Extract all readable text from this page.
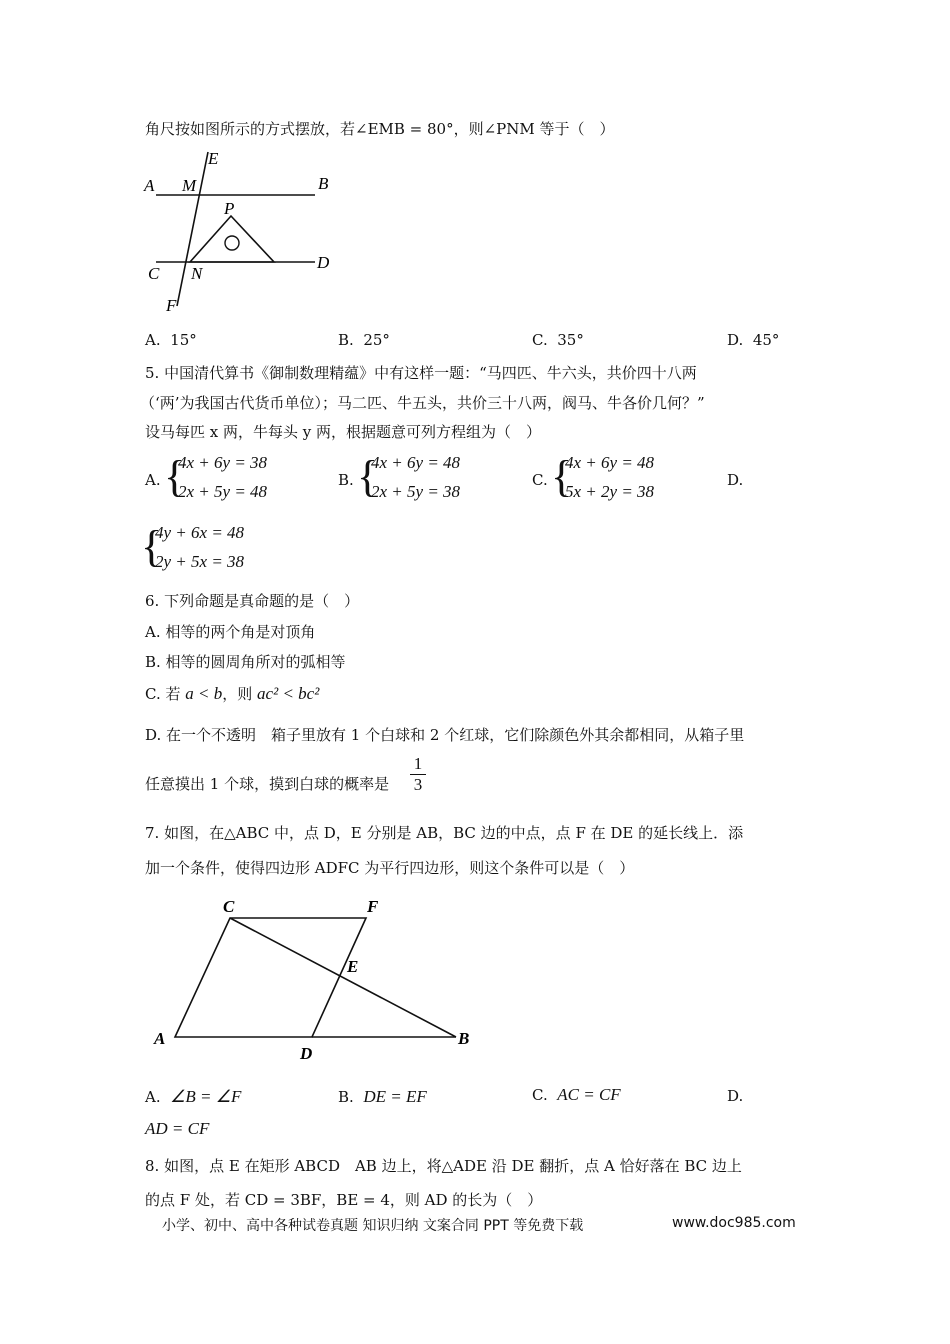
角尺按如图所示的方式摆放，若∠EMB = 80°，则∠PNM 等于（　）
E
A M	B
P
C N
D
F
A. 15°	B. 25°	C. 35°	D. 45°
5. 中国清代算书《御制数理精蕴》中有这样一题：“马四匹、牛六头，共价四十八两
（‘两’为我国古代货币单位）；马二匹、牛五头，共价三十八两，阀马、牛各价几何？”
设马每匹 x 两，牛每头 y 两，根据题意可列方程组为（　）
A. {
4x + 6y = 38
2x + 5y = 48
B. {
4x + 6y = 48
2x + 5y = 38
C. {
4x + 6y = 48
5x + 2y = 38
D.
{
4y + 6x = 48
2y + 5x = 38
6. 下列命题是真命题的是（　）
A. 相等的两个角是对顶角
B. 相等的圆周角所对的弧相等
C. 若 a < b，则 ac² < bc²
D. 在一个不透明　箱子里放有 1 个白球和 2 个红球，它们除颜色外其余都相同，从箱子里
任意摸出 1 个球，摸到白球的概率是
1
3
7. 如图，在△ABC 中，点 D，E 分别是 AB，BC 边的中点，点 F 在 DE 的延长线上．添
加一个条件，使得四边形 ADFC 为平行四边形，则这个条件可以是（　）
C	F
E
A
D
B
A. ∠B = ∠F	B. DE = EF	C. AC = CF	D.
AD = CF
8. 如图，点 E 在矩形 ABCD　AB 边上，将△ADE 沿 DE 翻折，点 A 恰好落在 BC 边上
的点 F 处，若 CD = 3BF，BE = 4，则 AD 的长为（　）
小学、初中、高中各种试卷真题 知识归纳 文案合同 PPT 等免费下载	www.doc985.com
